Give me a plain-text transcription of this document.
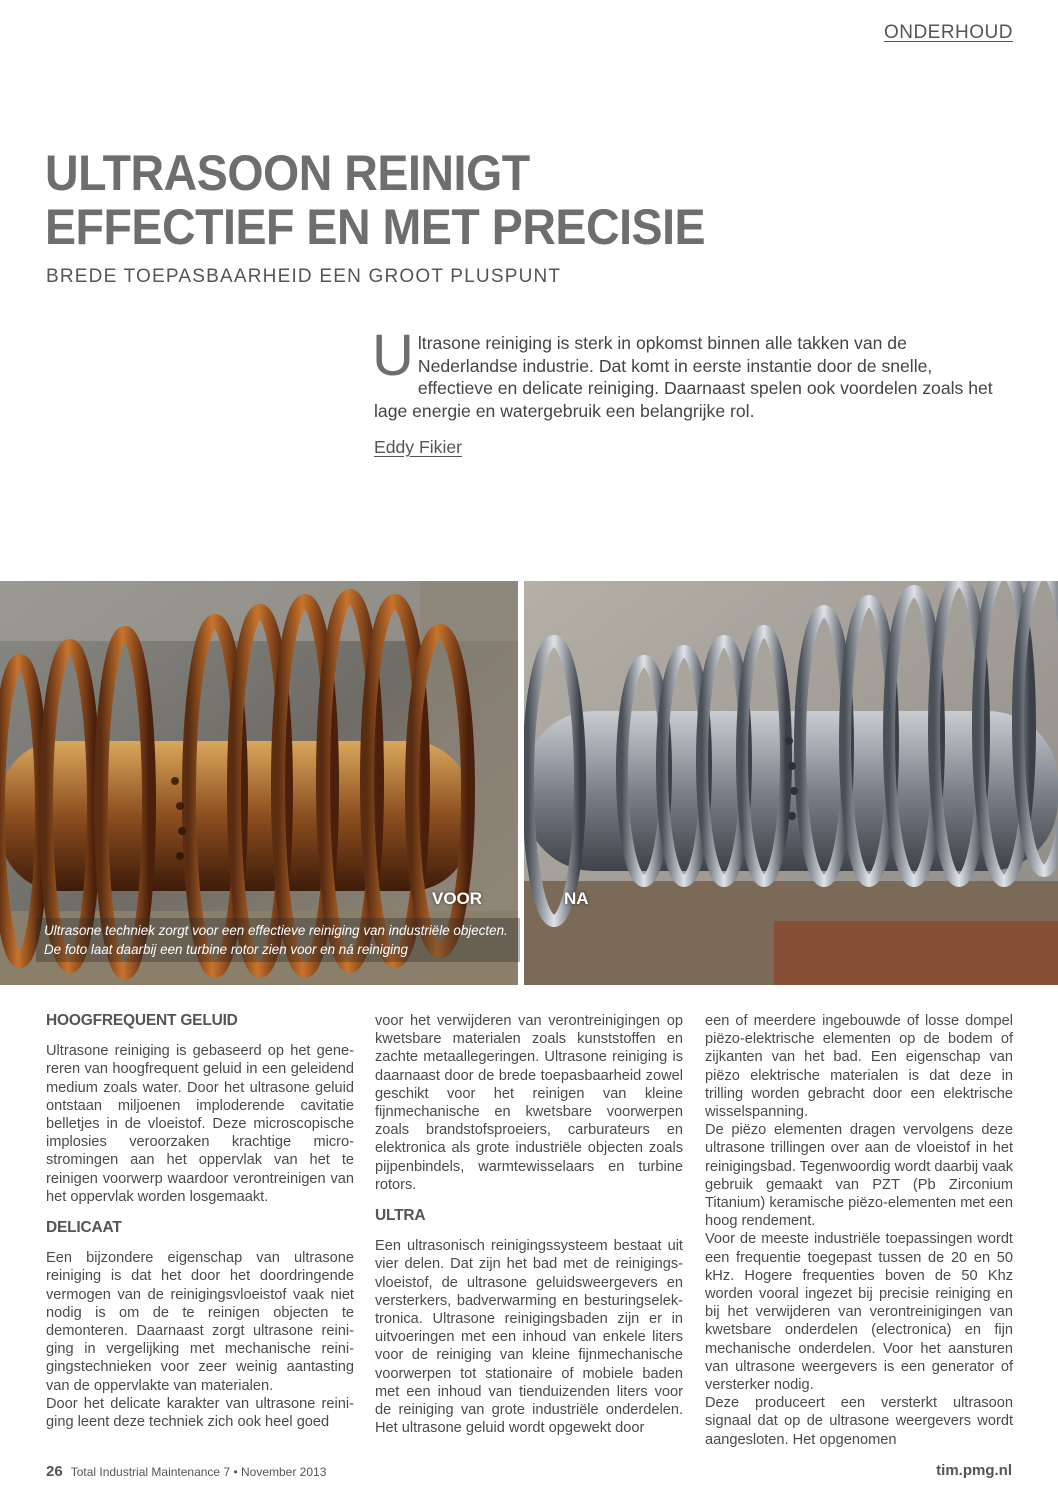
ONDERHOUD
ULTRASOON REINIGT
EFFECTIEF EN MET PRECISIE
BREDE TOEPASBAARHEID EEN GROOT PLUSPUNT
Ultrasone reiniging is sterk in opkomst binnen alle takken van de Nederlandse industrie. Dat komt in eerste instantie door de snelle, effectieve en delicate reiniging. Daarnaast spelen ook voordelen zoals het lage energie en watergebruik een belangrijke rol.
Eddy Fikier
VOOR	NA
Ultrasone techniek zorgt voor een effectieve reiniging van industriële objecten.
De foto laat daarbij een turbine rotor zien voor en ná reiniging
HOOGFREQUENT GELUID

Ultrasone reiniging is gebaseerd op het genereren van hoogfrequent geluid in een geleidend medium zoals water. Door het ultrasone geluid ontstaan miljoenen imploderende cavitatie belletjes in de vloeistof. Deze microscopische implosies veroorzaken krachtige microstromingen aan het oppervlak van het te reinigen voorwerp waardoor verontreinigen van het oppervlak worden losgemaakt.

DELICAAT

Een bijzondere eigenschap van ultrasone reiniging is dat het door het doordringende vermogen van de reinigingsvloeistof vaak niet nodig is om de te reinigen objecten te demonteren. Daarnaast zorgt ultrasone reiniging in vergelijking met mechanische reinigingstechnieken voor zeer weinig aantasting van de oppervlakte van materialen.

Door het delicate karakter van ultrasone reiniging leent deze techniek zich ook heel goed

voor het verwijderen van verontreinigingen op kwetsbare materialen zoals kunststoffen en zachte metaallegeringen. Ultrasone reiniging is daarnaast door de brede toepasbaarheid zowel geschikt voor het reinigen van kleine fijnmechanische en kwetsbare voorwerpen zoals brandstofsproeiers, carburateurs en elektronica als grote industriële objecten zoals pijpenbindels, warmtewisselaars en turbine rotors.

ULTRA

Een ultrasonisch reinigingssysteem bestaat uit vier delen. Dat zijn het bad met de reinigingsvloeistof, de ultrasone geluidsweergevers en versterkers, badverwarming en besturingselektronica. Ultrasone reinigingsbaden zijn er in uitvoeringen met een inhoud van enkele liters voor de reiniging van kleine fijnmechanische voorwerpen tot stationaire of mobiele baden met een inhoud van tienduizenden liters voor de reiniging van grote industriële onderdelen. Het ultrasone geluid wordt opgewekt door

een of meerdere ingebouwde of losse dompel piëzo-elektrische elementen op de bodem of zijkanten van het bad. Een eigenschap van piëzo elektrische materialen is dat deze in trilling worden gebracht door een elektrische wisselspanning.

De piëzo elementen dragen vervolgens deze ultrasone trillingen over aan de vloeistof in het reinigingsbad. Tegenwoordig wordt daarbij vaak gebruik gemaakt van PZT (Pb Zirconium Titanium) keramische piëzo-elementen met een hoog rendement.

Voor de meeste industriële toepassingen wordt een frequentie toegepast tussen de 20 en 50 kHz. Hogere frequenties boven de 50 Khz worden vooral ingezet bij precisie reiniging en bij het verwijderen van verontreinigingen van kwetsbare onderdelen (electronica) en fijn mechanische onderdelen. Voor het aansturen van ultrasone weergevers is een generator of versterker nodig.

Deze produceert een versterkt ultrasoon signaal dat op de ultrasone weergevers wordt aangesloten. Het opgenomen

26 Total Industrial Maintenance 7 • November 2013	tim.pmg.nl
